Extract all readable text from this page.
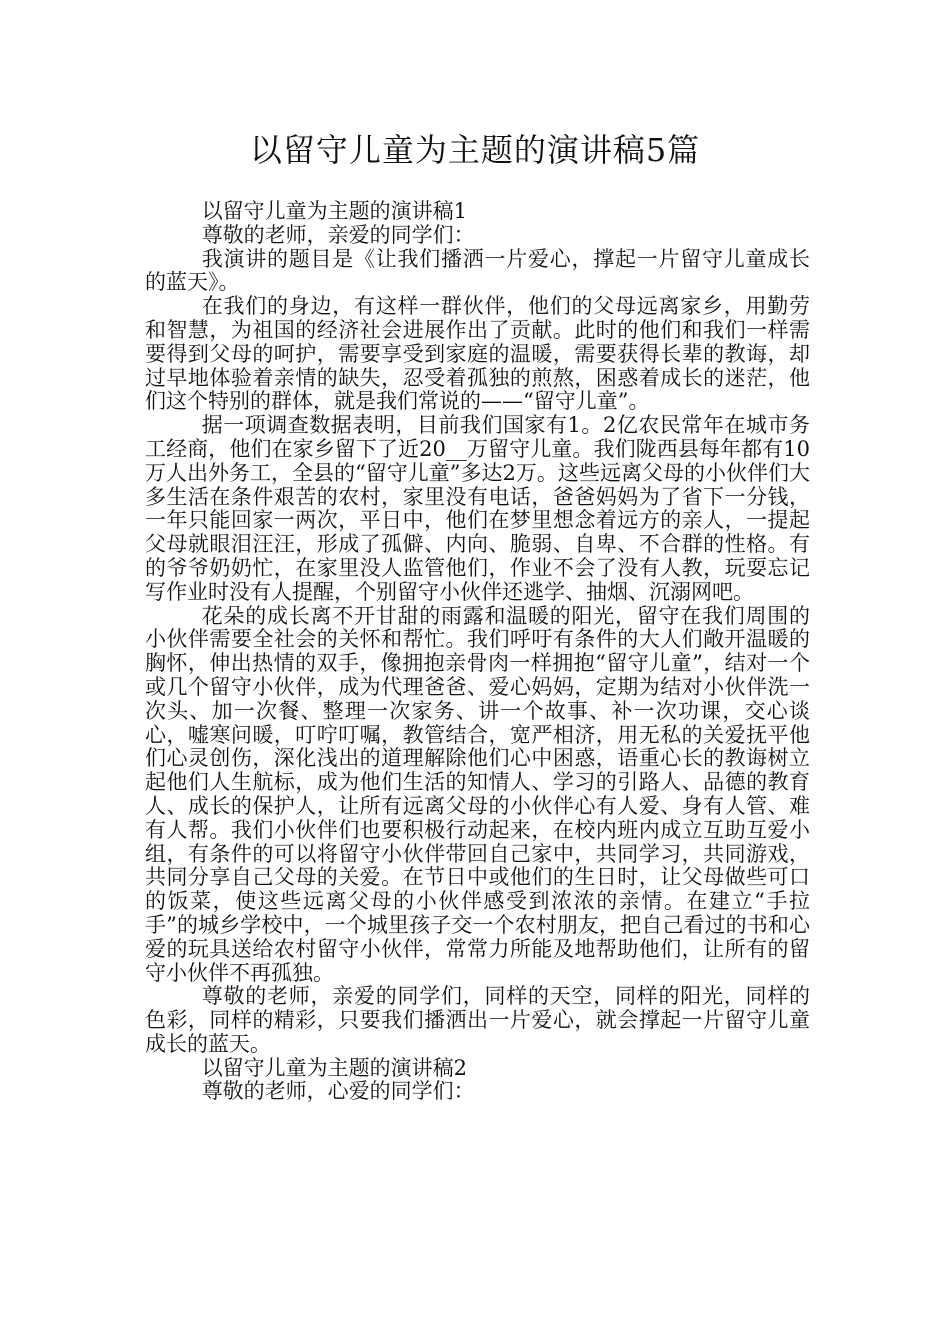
以留守儿童为主题的演讲稿5篇

以留守儿童为主题的演讲稿1

尊敬的老师，亲爱的同学们：

我演讲的题目是《让我们播洒一片爱心，撑起一片留守儿童成长的蓝天》。

在我们的身边，有这样一群伙伴，他们的父母远离家乡，用勤劳和智慧，为祖国的经济社会进展作出了贡献。此时的他们和我们一样需要得到父母的呵护，需要享受到家庭的温暖，需要获得长辈的教诲，却过早地体验着亲情的缺失，忍受着孤独的煎熬，困惑着成长的迷茫，他们这个特别的群体，就是我们常说的——“留守儿童”。

据一项调查数据表明，目前我们国家有1。2亿农民常年在城市务工经商，他们在家乡留下了近20__万留守儿童。我们陇西县每年都有10万人出外务工，全县的“留守儿童”多达2万。这些远离父母的小伙伴们大多生活在条件艰苦的农村，家里没有电话，爸爸妈妈为了省下一分钱，一年只能回家一两次，平日中，他们在梦里想念着远方的亲人，一提起父母就眼泪汪汪，形成了孤僻、内向、脆弱、自卑、不合群的性格。有的爷爷奶奶忙，在家里没人监管他们，作业不会了没有人教，玩耍忘记写作业时没有人提醒，个别留守小伙伴还逃学、抽烟、沉溺网吧。

花朵的成长离不开甘甜的雨露和温暖的阳光，留守在我们周围的小伙伴需要全社会的关怀和帮忙。我们呼吁有条件的大人们敞开温暖的胸怀，伸出热情的双手，像拥抱亲骨肉一样拥抱“留守儿童”，结对一个或几个留守小伙伴，成为代理爸爸、爱心妈妈，定期为结对小伙伴洗一次头、加一次餐、整理一次家务、讲一个故事、补一次功课，交心谈心，嘘寒问暖，叮咛叮嘱，教管结合，宽严相济，用无私的关爱抚平他们心灵创伤，深化浅出的道理解除他们心中困惑，语重心长的教诲树立起他们人生航标，成为他们生活的知情人、学习的引路人、品德的教育人、成长的保护人，让所有远离父母的小伙伴心有人爱、身有人管、难有人帮。我们小伙伴们也要积极行动起来，在校内班内成立互助互爱小组，有条件的可以将留守小伙伴带回自己家中，共同学习，共同游戏，共同分享自己父母的关爱。在节日中或他们的生日时，让父母做些可口的饭菜，使这些远离父母的小伙伴感受到浓浓的亲情。在建立“手拉手”的城乡学校中，一个城里孩子交一个农村朋友，把自己看过的书和心爱的玩具送给农村留守小伙伴，常常力所能及地帮助他们，让所有的留守小伙伴不再孤独。

尊敬的老师，亲爱的同学们，同样的天空，同样的阳光，同样的色彩，同样的精彩，只要我们播洒出一片爱心，就会撑起一片留守儿童成长的蓝天。

以留守儿童为主题的演讲稿2

尊敬的老师，心爱的同学们：
